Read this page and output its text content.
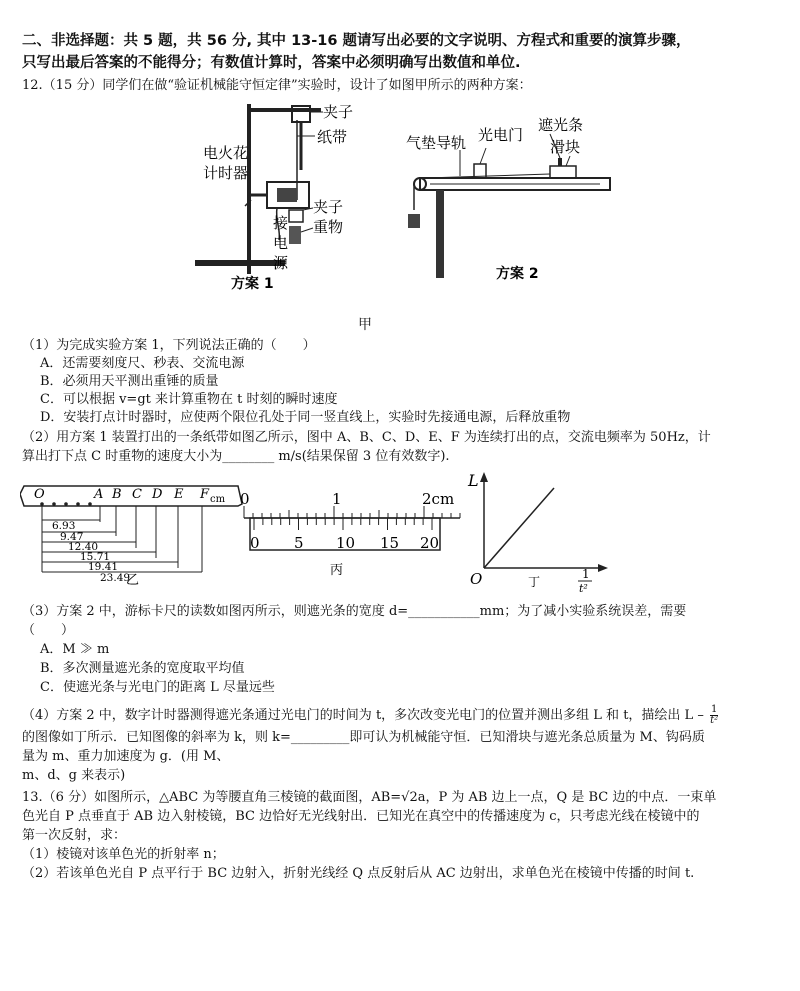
二、非选择题：共 5 题，共 56 分, 其中 13-16 题请写出必要的文字说明、方程式和重要的演算步骤，
只写出最后答案的不能得分；有数值计算时，答案中必须明确写出数值和单位.
12.（15 分）同学们在做“验证机械能守恒定律”实验时，设计了如图甲所示的两种方案：
夹子
纸带
电火花
计时器
夹子
重物
接
电
源
方案 1
气垫导轨 光电门
遮光条
滑块
方案 2
甲
（1）为完成实验方案 1，下列说法正确的（　　）
A．还需要刻度尺、秒表、交流电源
B．必须用天平测出重锤的质量
C．可以根据 v=gt 来计算重物在 t 时刻的瞬时速度
D．安装打点计时器时，应使两个限位孔处于同一竖直线上，实验时先接通电源，后释放重物
（2）用方案 1 装置打出的一条纸带如图乙所示，图中 A、B、C、D、E、F 为连续打出的点，交流电频率为 50Hz，计
算出打下点 C 时重物的速度大小为________ m/s(结果保留 3 位有效数字).
O	A B C D E F cm
6.93
9.47
12.40
15.71
19.41
23.49
乙
0	1	2cm
0 5 10 15 20
丙
L
O	丁
1
t²
（3）方案 2 中，游标卡尺的读数如图丙所示，则遮光条的宽度 d=___________mm；为了减小实验系统误差，需要
（　　）
A．M ≫ m
B．多次测量遮光条的宽度取平均值
C．使遮光条与光电门的距离 L 尽量远些
（4）方案 2 中，数字计时器测得遮光条通过光电门的时间为 t，多次改变光电门的位置并测出多组 L 和 t，描绘出 L – $\frac{1}{\text{t²}}$
的图像如丁所示．已知图像的斜率为 k，则 k=_________即可认为机械能守恒．已知滑块与遮光条总质量为 M、钩码质
量为 m、重力加速度为 g．(用 M、
m、d、g 来表示)
13.（6 分）如图所示，△ABC 为等腰直角三棱镜的截面图，AB=√2a，P 为 AB 边上一点，Q 是 BC 边的中点．一束单
色光自 P 点垂直于 AB 边入射棱镜，BC 边恰好无光线射出．已知光在真空中的传播速度为 c，只考虑光线在棱镜中的
第一次反射，求：
（1）棱镜对该单色光的折射率 n；
（2）若该单色光自 P 点平行于 BC 边射入，折射光线经 Q 点反射后从 AC 边射出，求单色光在棱镜中传播的时间 t.
